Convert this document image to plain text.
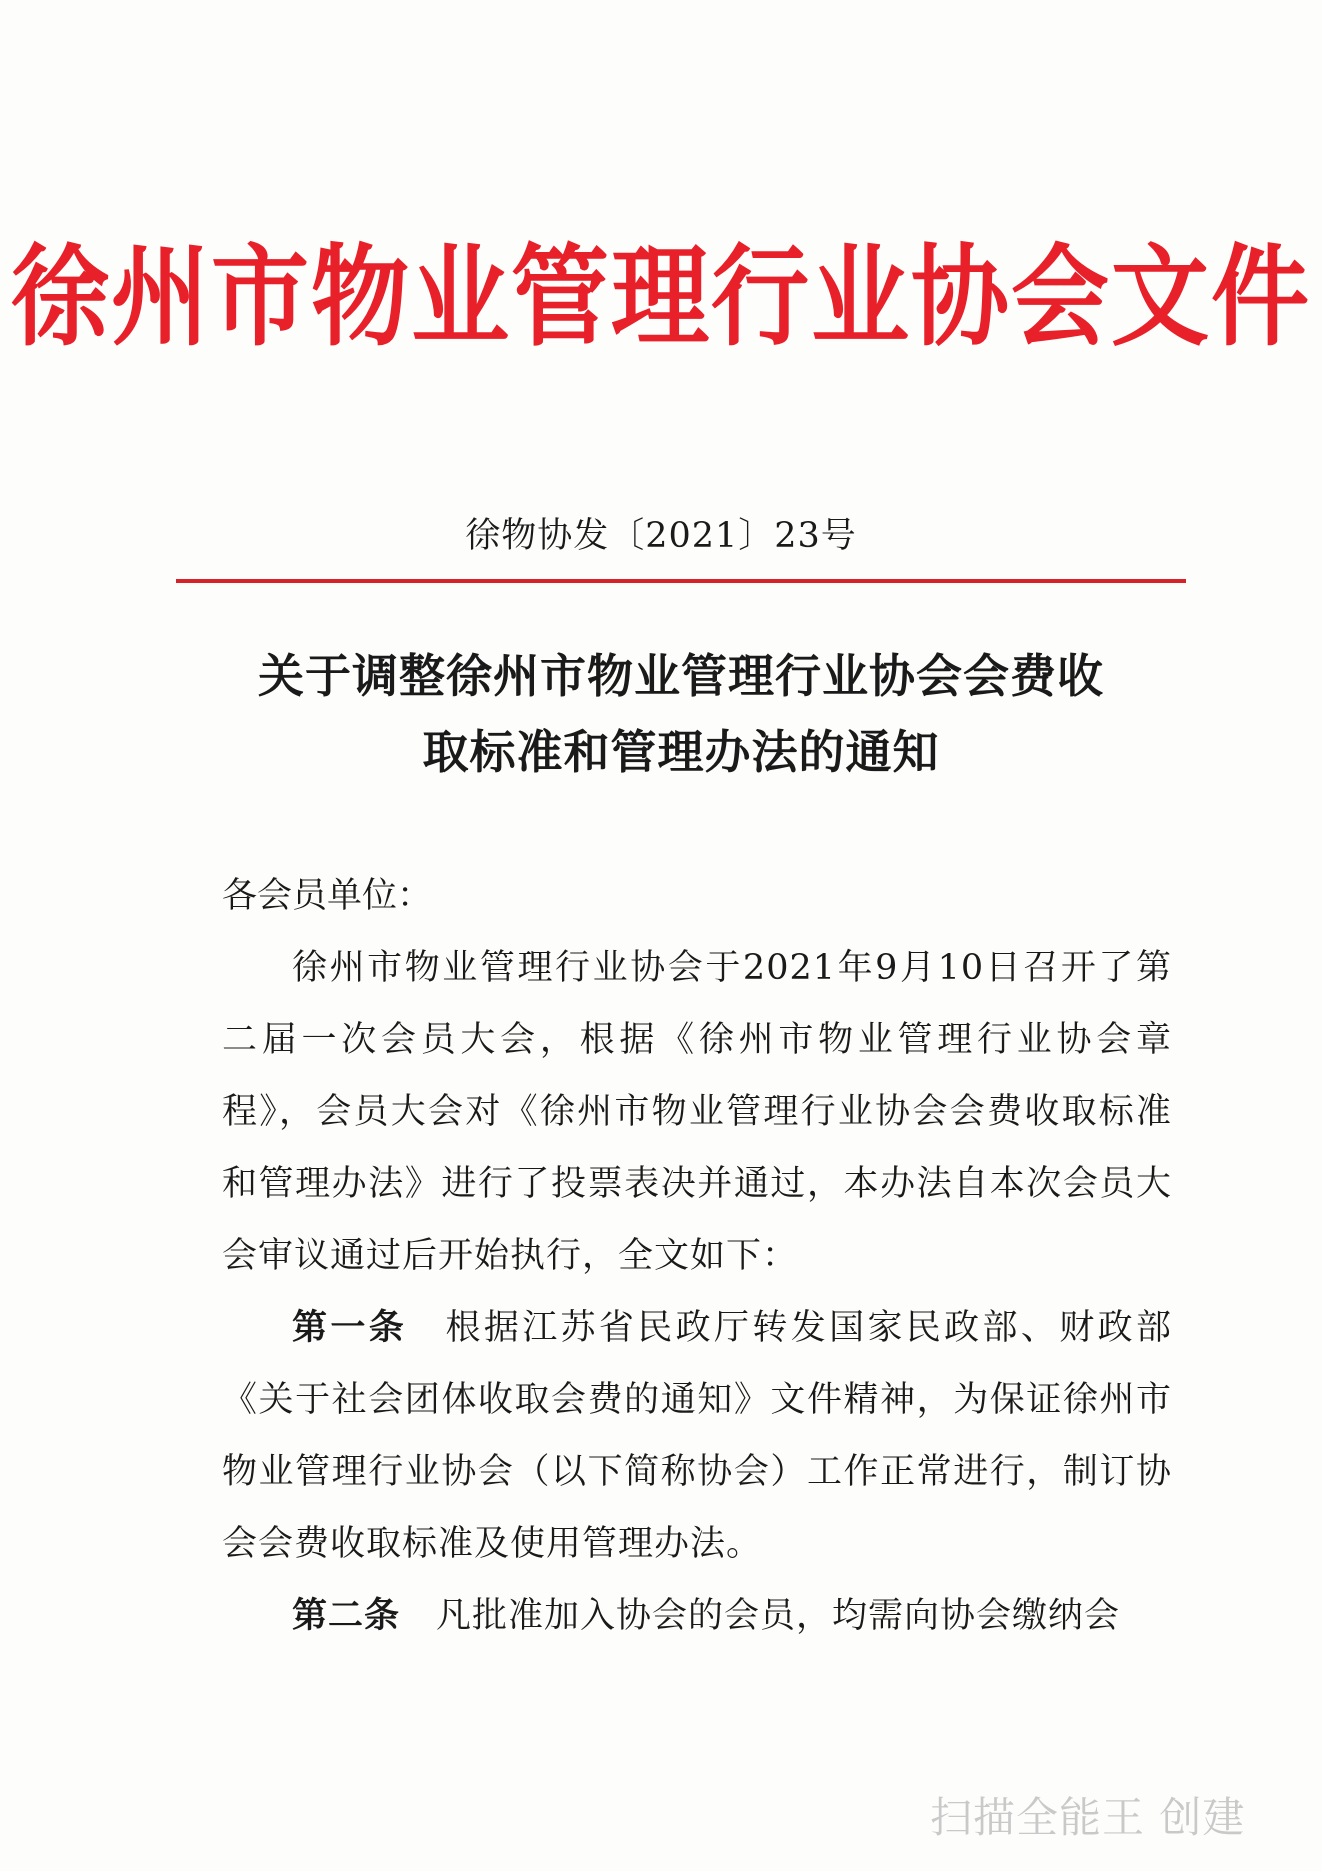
徐州市物业管理行业协会文件
徐物协发〔2021〕23号
关于调整徐州市物业管理行业协会会费收
取标准和管理办法的通知

各会员单位：

徐州市物业管理行业协会于2021年9月10日召开了第二届一次会员大会，根据《徐州市物业管理行业协会章程》，会员大会对《徐州市物业管理行业协会会费收取标准和管理办法》进行了投票表决并通过，本办法自本次会员大会审议通过后开始执行，全文如下：

第一条　 根据江苏省民政厅转发国家民政部、财政部《关于社会团体收取会费的通知》文件精神，为保证徐州市物业管理行业协会（以下简称协会）工作正常进行，制订协会会费收取标准及使用管理办法。

第二条　 凡批准加入协会的会员，均需向协会缴纳会

扫描全能王 创建
